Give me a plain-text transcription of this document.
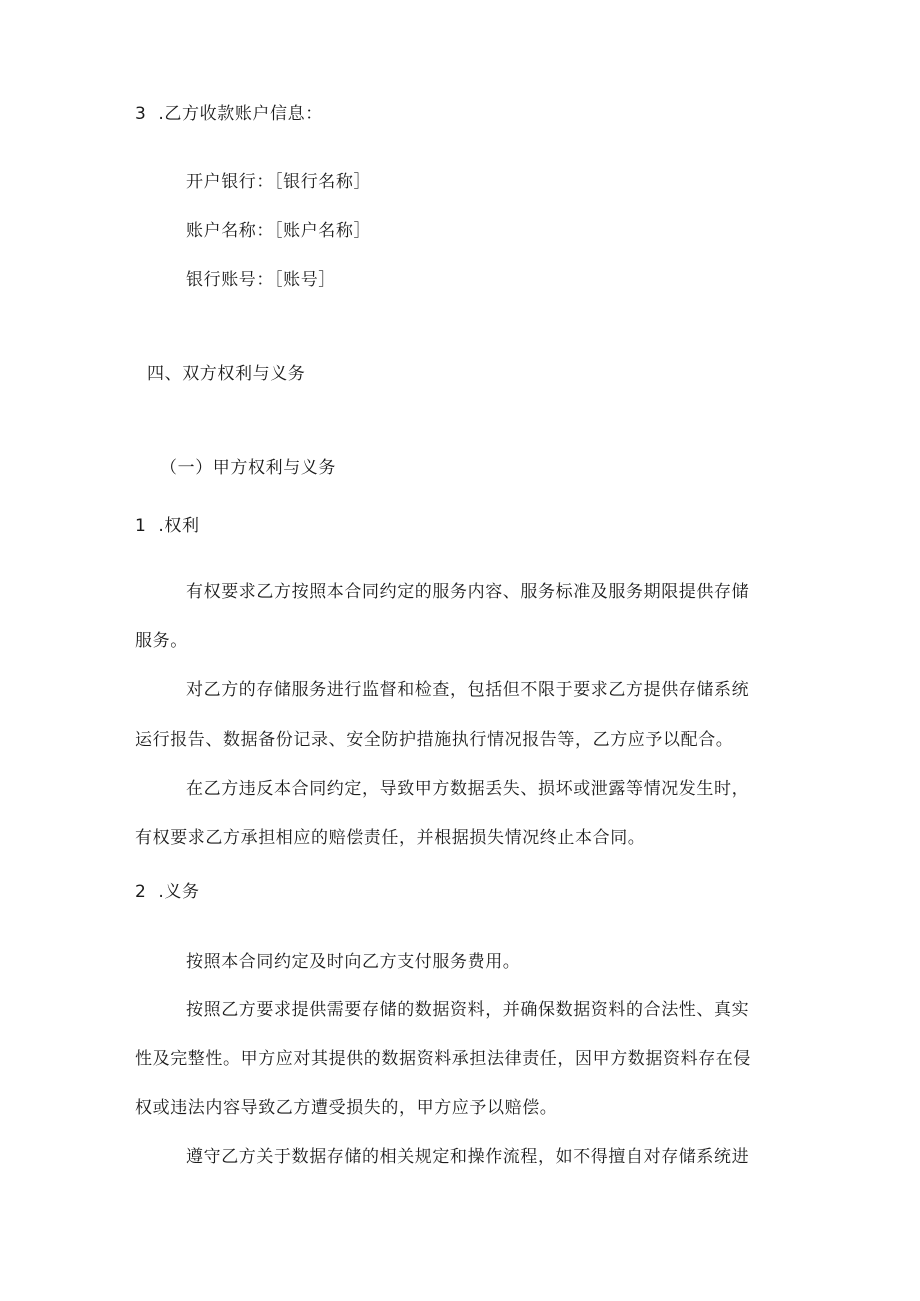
3 .乙方收款账户信息：
开户银行：［银行名称］
账户名称：［账户名称］
银行账号：［账号］
四、双方权利与义务
（一）甲方权利与义务
1 .权利
有权要求乙方按照本合同约定的服务内容、服务标准及服务期限提供存储
服务。
对乙方的存储服务进行监督和检查，包括但不限于要求乙方提供存储系统
运行报告、数据备份记录、安全防护措施执行情况报告等，乙方应予以配合。
在乙方违反本合同约定，导致甲方数据丢失、损坏或泄露等情况发生时，
有权要求乙方承担相应的赔偿责任，并根据损失情况终止本合同。
2 .义务
按照本合同约定及时向乙方支付服务费用。
按照乙方要求提供需要存储的数据资料，并确保数据资料的合法性、真实
性及完整性。甲方应对其提供的数据资料承担法律责任，因甲方数据资料存在侵
权或违法内容导致乙方遭受损失的，甲方应予以赔偿。
遵守乙方关于数据存储的相关规定和操作流程，如不得擅自对存储系统进
